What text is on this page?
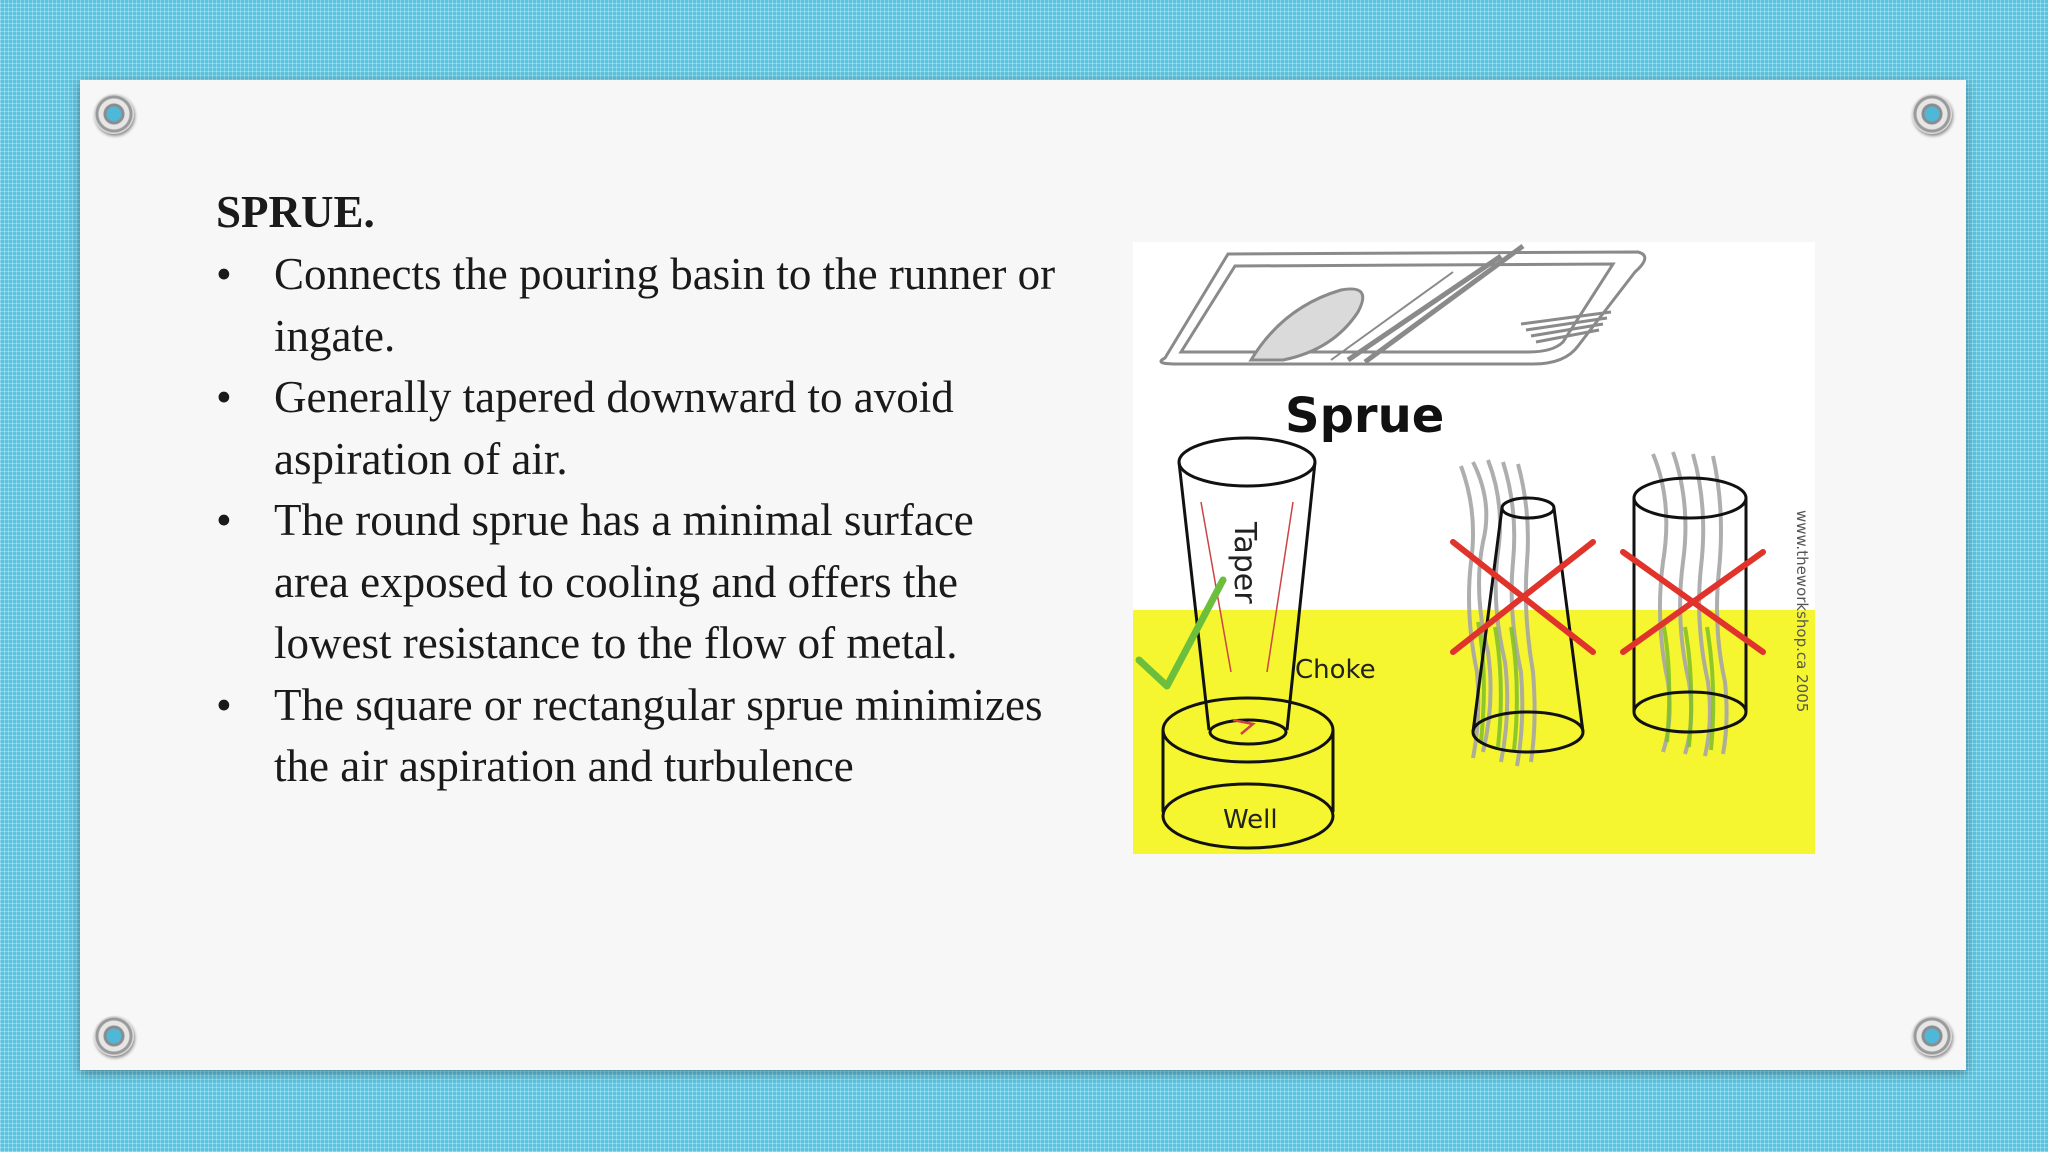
SPRUE.
• Connects the pouring basin to the runner or ingate.
• Generally tapered downward to avoid aspiration of air.
• The round sprue has a minimal surface area exposed to cooling and offers the lowest resistance to the flow of metal.
• The square or rectangular sprue minimizes the air aspiration and turbulence
Sprue
Taper
Choke
Well
www.theworkshop.ca 2005
